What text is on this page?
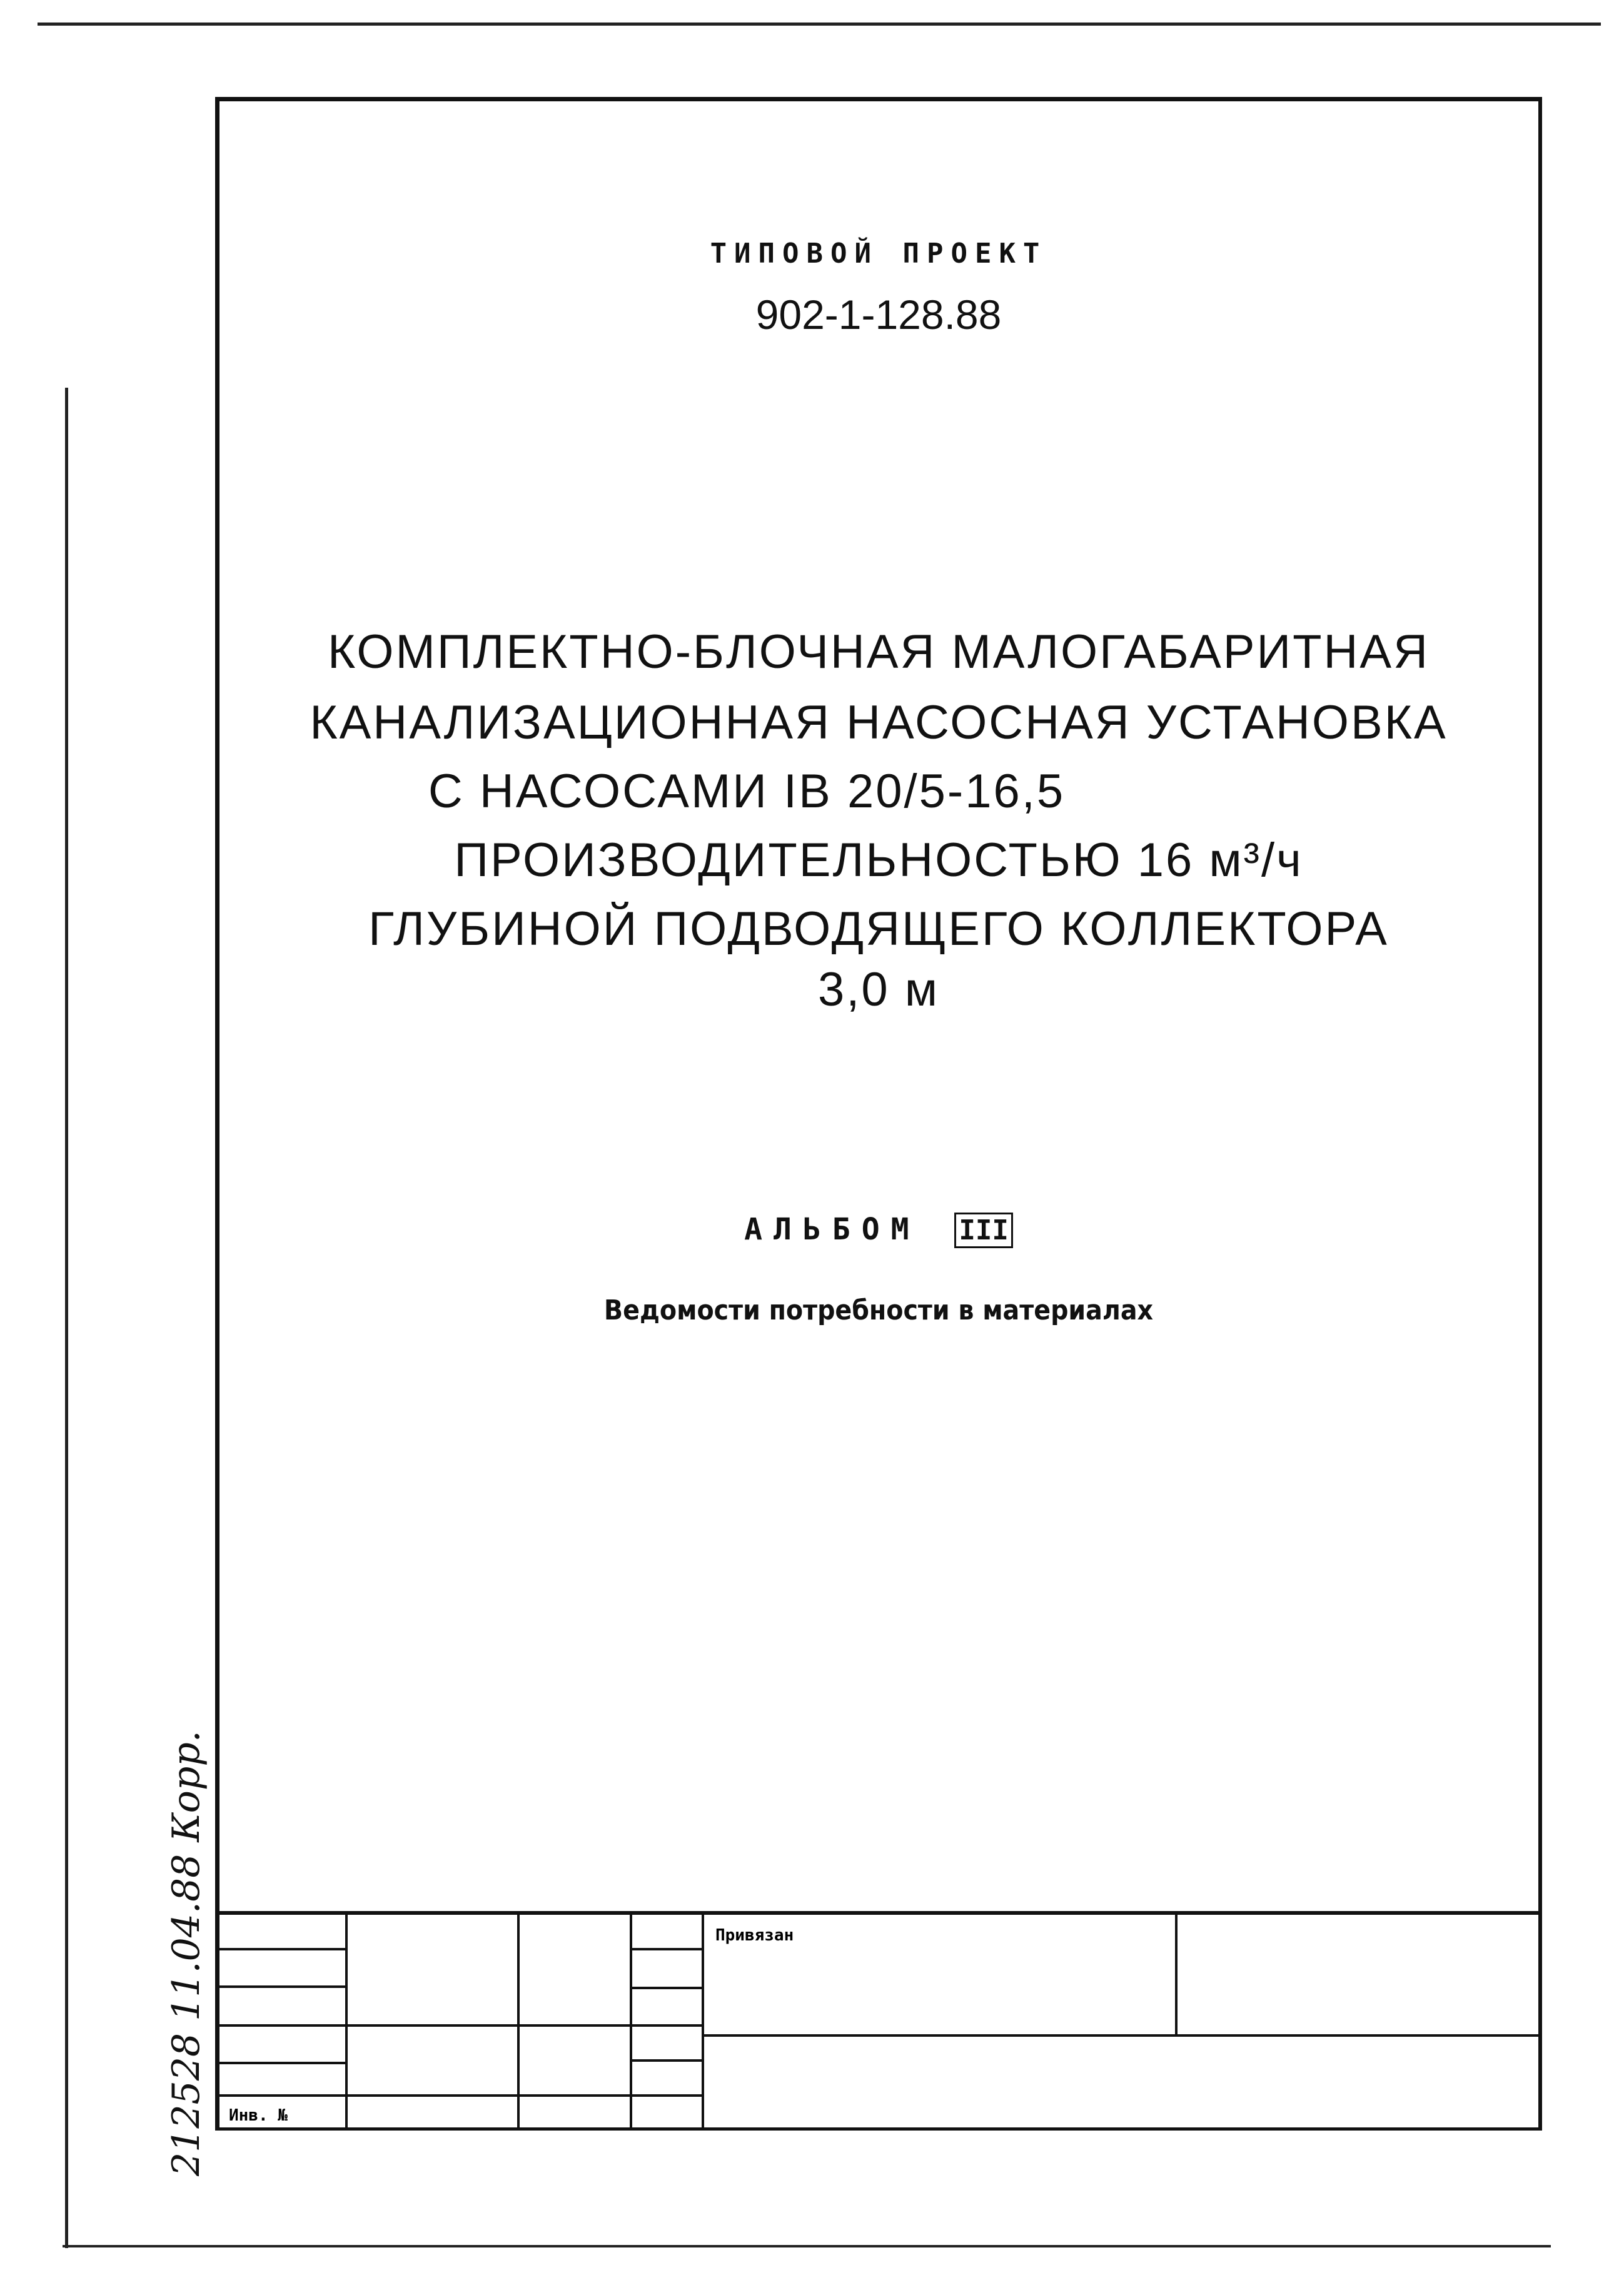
ТИПОВОЙ ПРОЕКТ
902-1-128.88
КОМПЛЕКТНО-БЛОЧНАЯ МАЛОГАБАРИТНАЯ
КАНАЛИЗАЦИОННАЯ НАСОСНАЯ УСТАНОВКА
С НАСОСАМИ IВ 20/5-16,5
ПРОИЗВОДИТЕЛЬНОСТЬЮ 16 м³/ч
ГЛУБИНОЙ ПОДВОДЯЩЕГО КОЛЛЕКТОРА
3,0 м
АЛЬБОМ III
Ведомости потребности в материалах
Привязан
Инв. №
212528 11.04.88 Корр.
